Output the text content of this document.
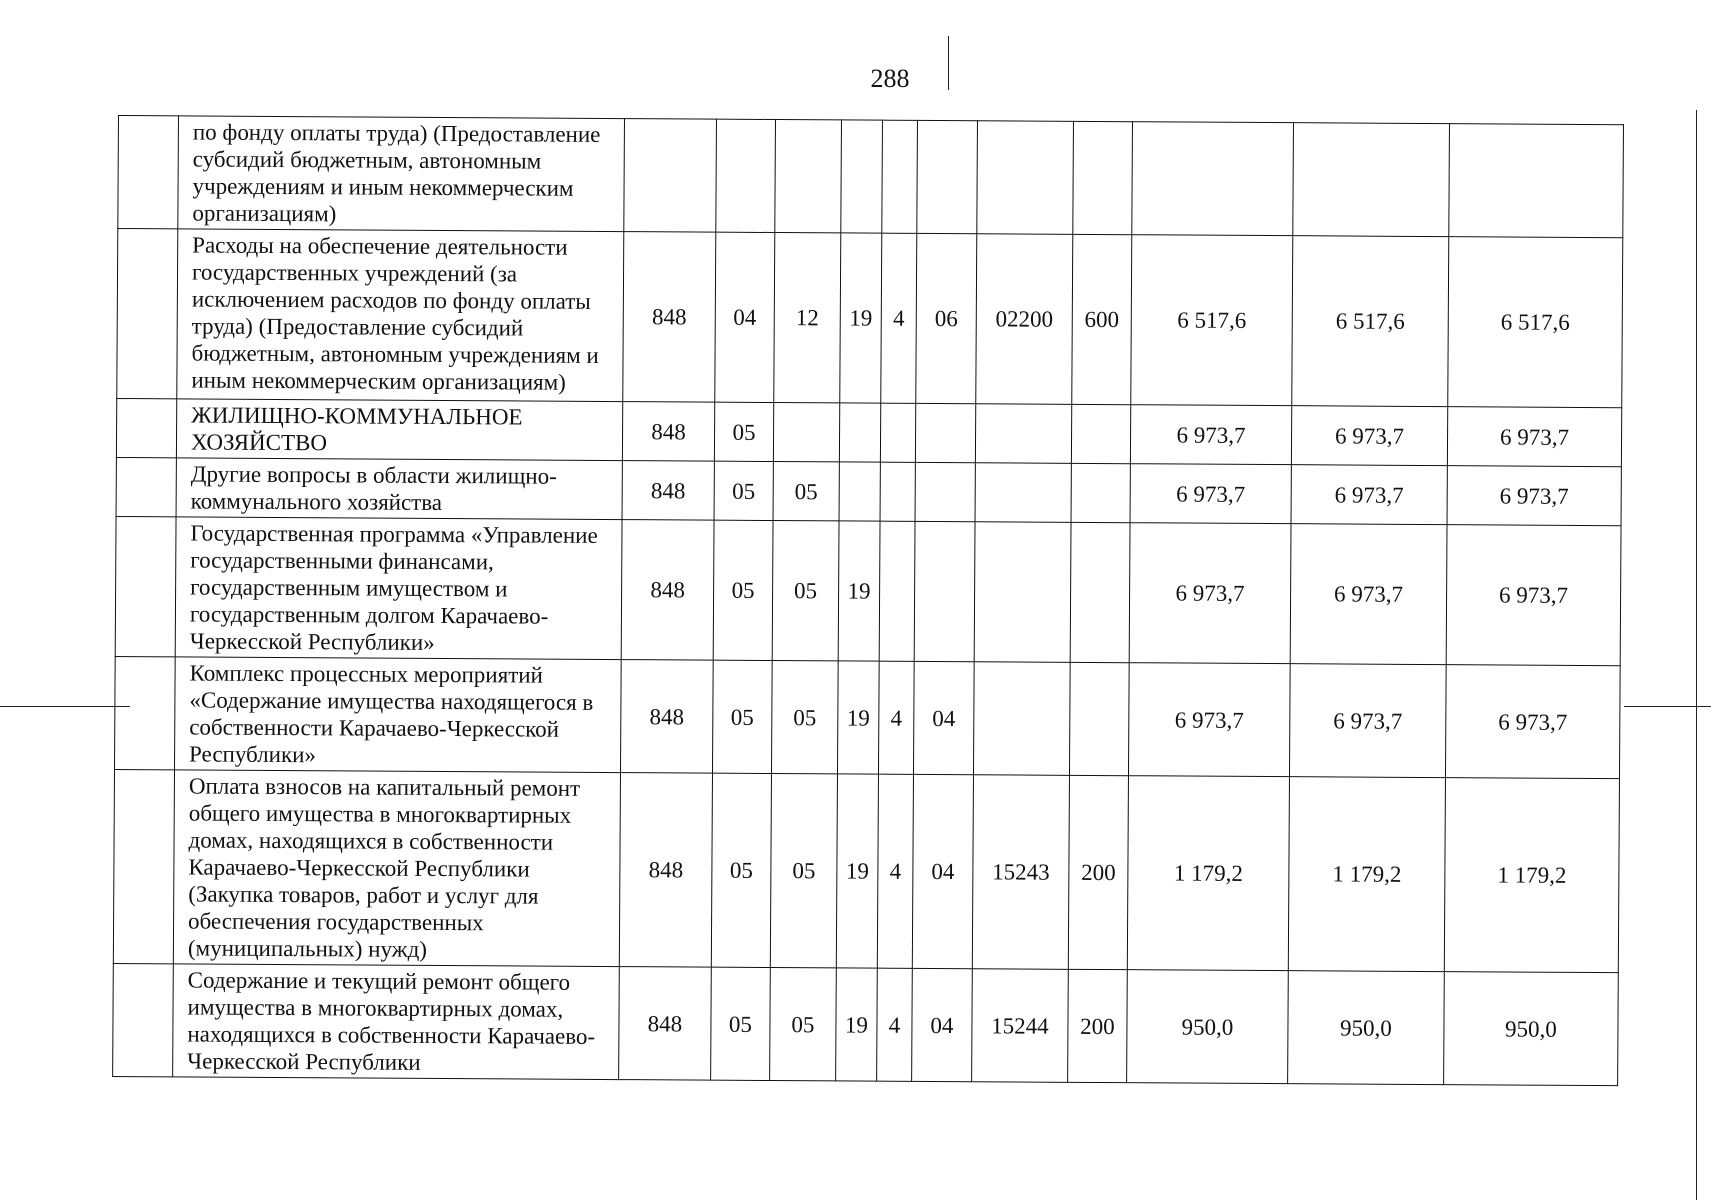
288
	по фонду оплаты труда) (Предоставление субсидий бюджетным, автономным учреждениям и иным некоммерческим организациям)											
	Расходы на обеспечение деятельности государственных учреждений (за исключением расходов по фонду оплаты труда) (Предоставление субсидий бюджетным, автономным учреждениям и иным некоммерческим организациям)	848	04	12	19	4	06	02200	600	6 517,6	6 517,6	6 517,6
	ЖИЛИЩНО-КОММУНАЛЬНОЕ ХОЗЯЙСТВО	848	05							6 973,7	6 973,7	6 973,7
	Другие вопросы в области жилищно-коммунального хозяйства	848	05	05						6 973,7	6 973,7	6 973,7
	Государственная программа «Управление государственными финансами, государственным имуществом и государственным долгом Карачаево-Черкесской Республики»	848	05	05	19					6 973,7	6 973,7	6 973,7
	Комплекс процессных мероприятий «Содержание имущества находящегося в собственности Карачаево-Черкесской Республики»	848	05	05	19	4	04			6 973,7	6 973,7	6 973,7
	Оплата взносов на капитальный ремонт общего имущества в многоквартирных домах, находящихся в собственности Карачаево-Черкесской Республики (Закупка товаров, работ и услуг для обеспечения государственных (муниципальных) нужд)	848	05	05	19	4	04	15243	200	1 179,2	1 179,2	1 179,2
	Содержание и текущий ремонт общего имущества в многоквартирных домах, находящихся в собственности Карачаево-Черкесской Республики	848	05	05	19	4	04	15244	200	950,0	950,0	950,0
